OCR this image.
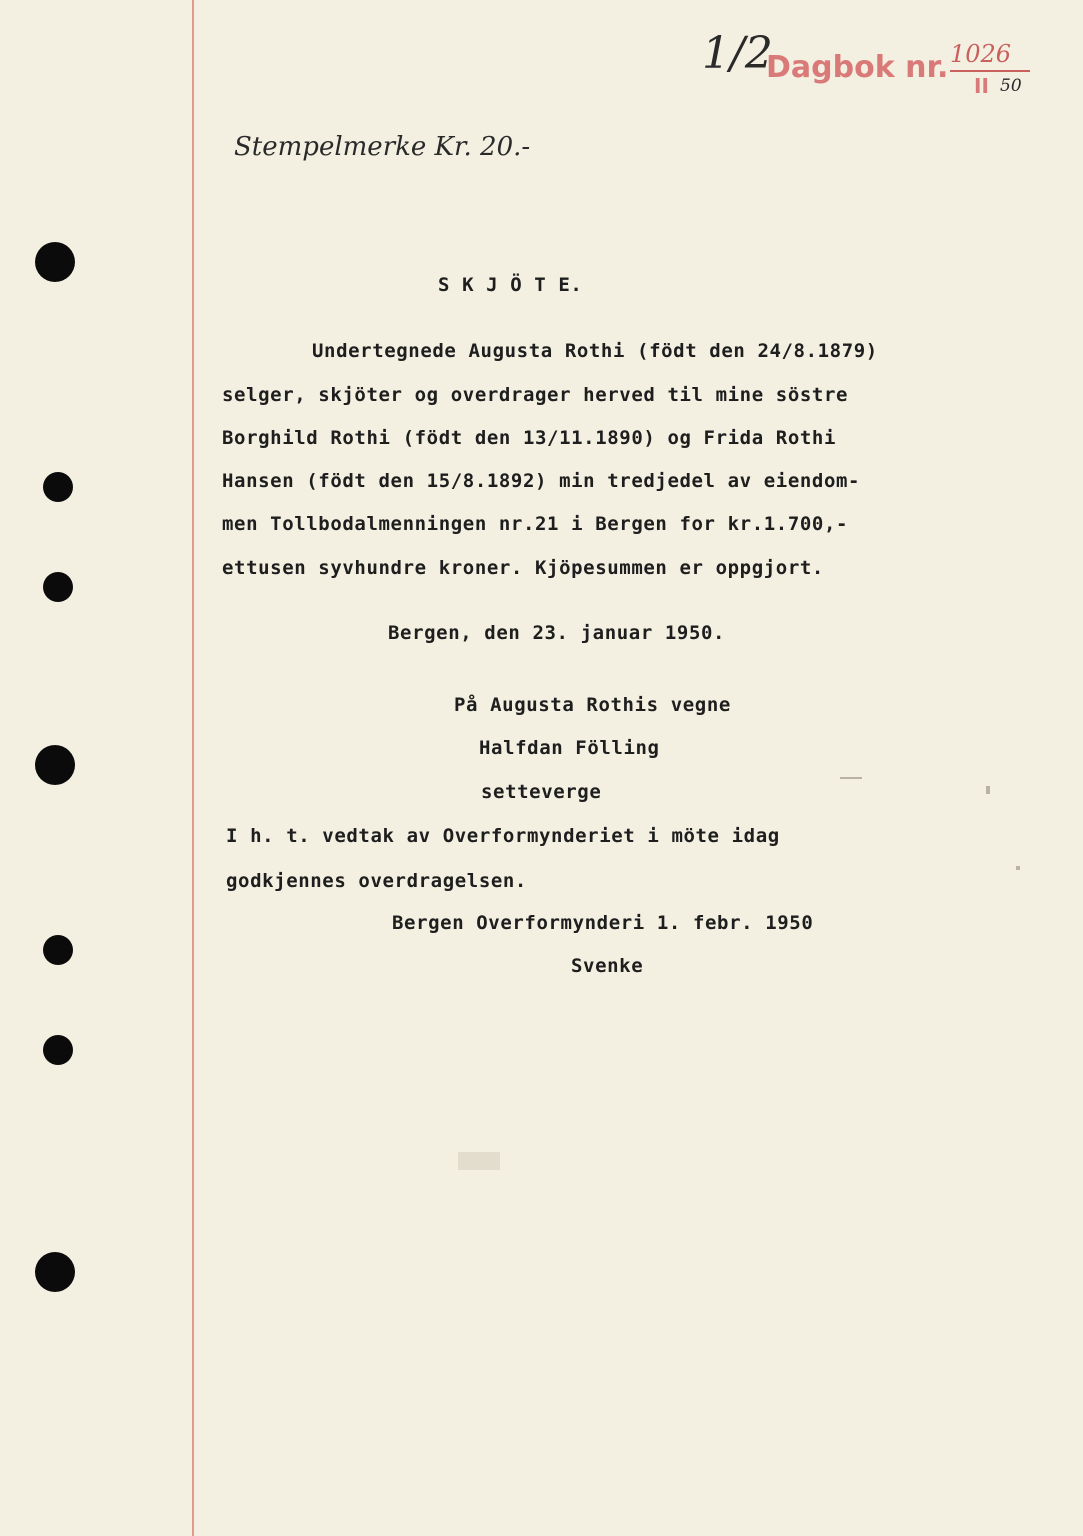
1/2
Dagbok nr. 1026
II 50
Stempelmerke Kr. 20.-
S K J Ö T E.
Undertegnede Augusta Rothi (födt den 24/8.1879)
selger, skjöter og overdrager herved til mine söstre
Borghild Rothi (födt den 13/11.1890) og Frida Rothi
Hansen (födt den 15/8.1892) min tredjedel av eiendom-
men Tollbodalmenningen nr.21 i Bergen for kr.1.700,-
ettusen syvhundre kroner. Kjöpesummen er oppgjort.
Bergen, den 23. januar 1950.
På Augusta Rothis vegne
Halfdan Fölling
setteverge
I h. t. vedtak av Overformynderiet i möte idag
godkjennes overdragelsen.
Bergen Overformynderi 1. febr. 1950
Svenke
